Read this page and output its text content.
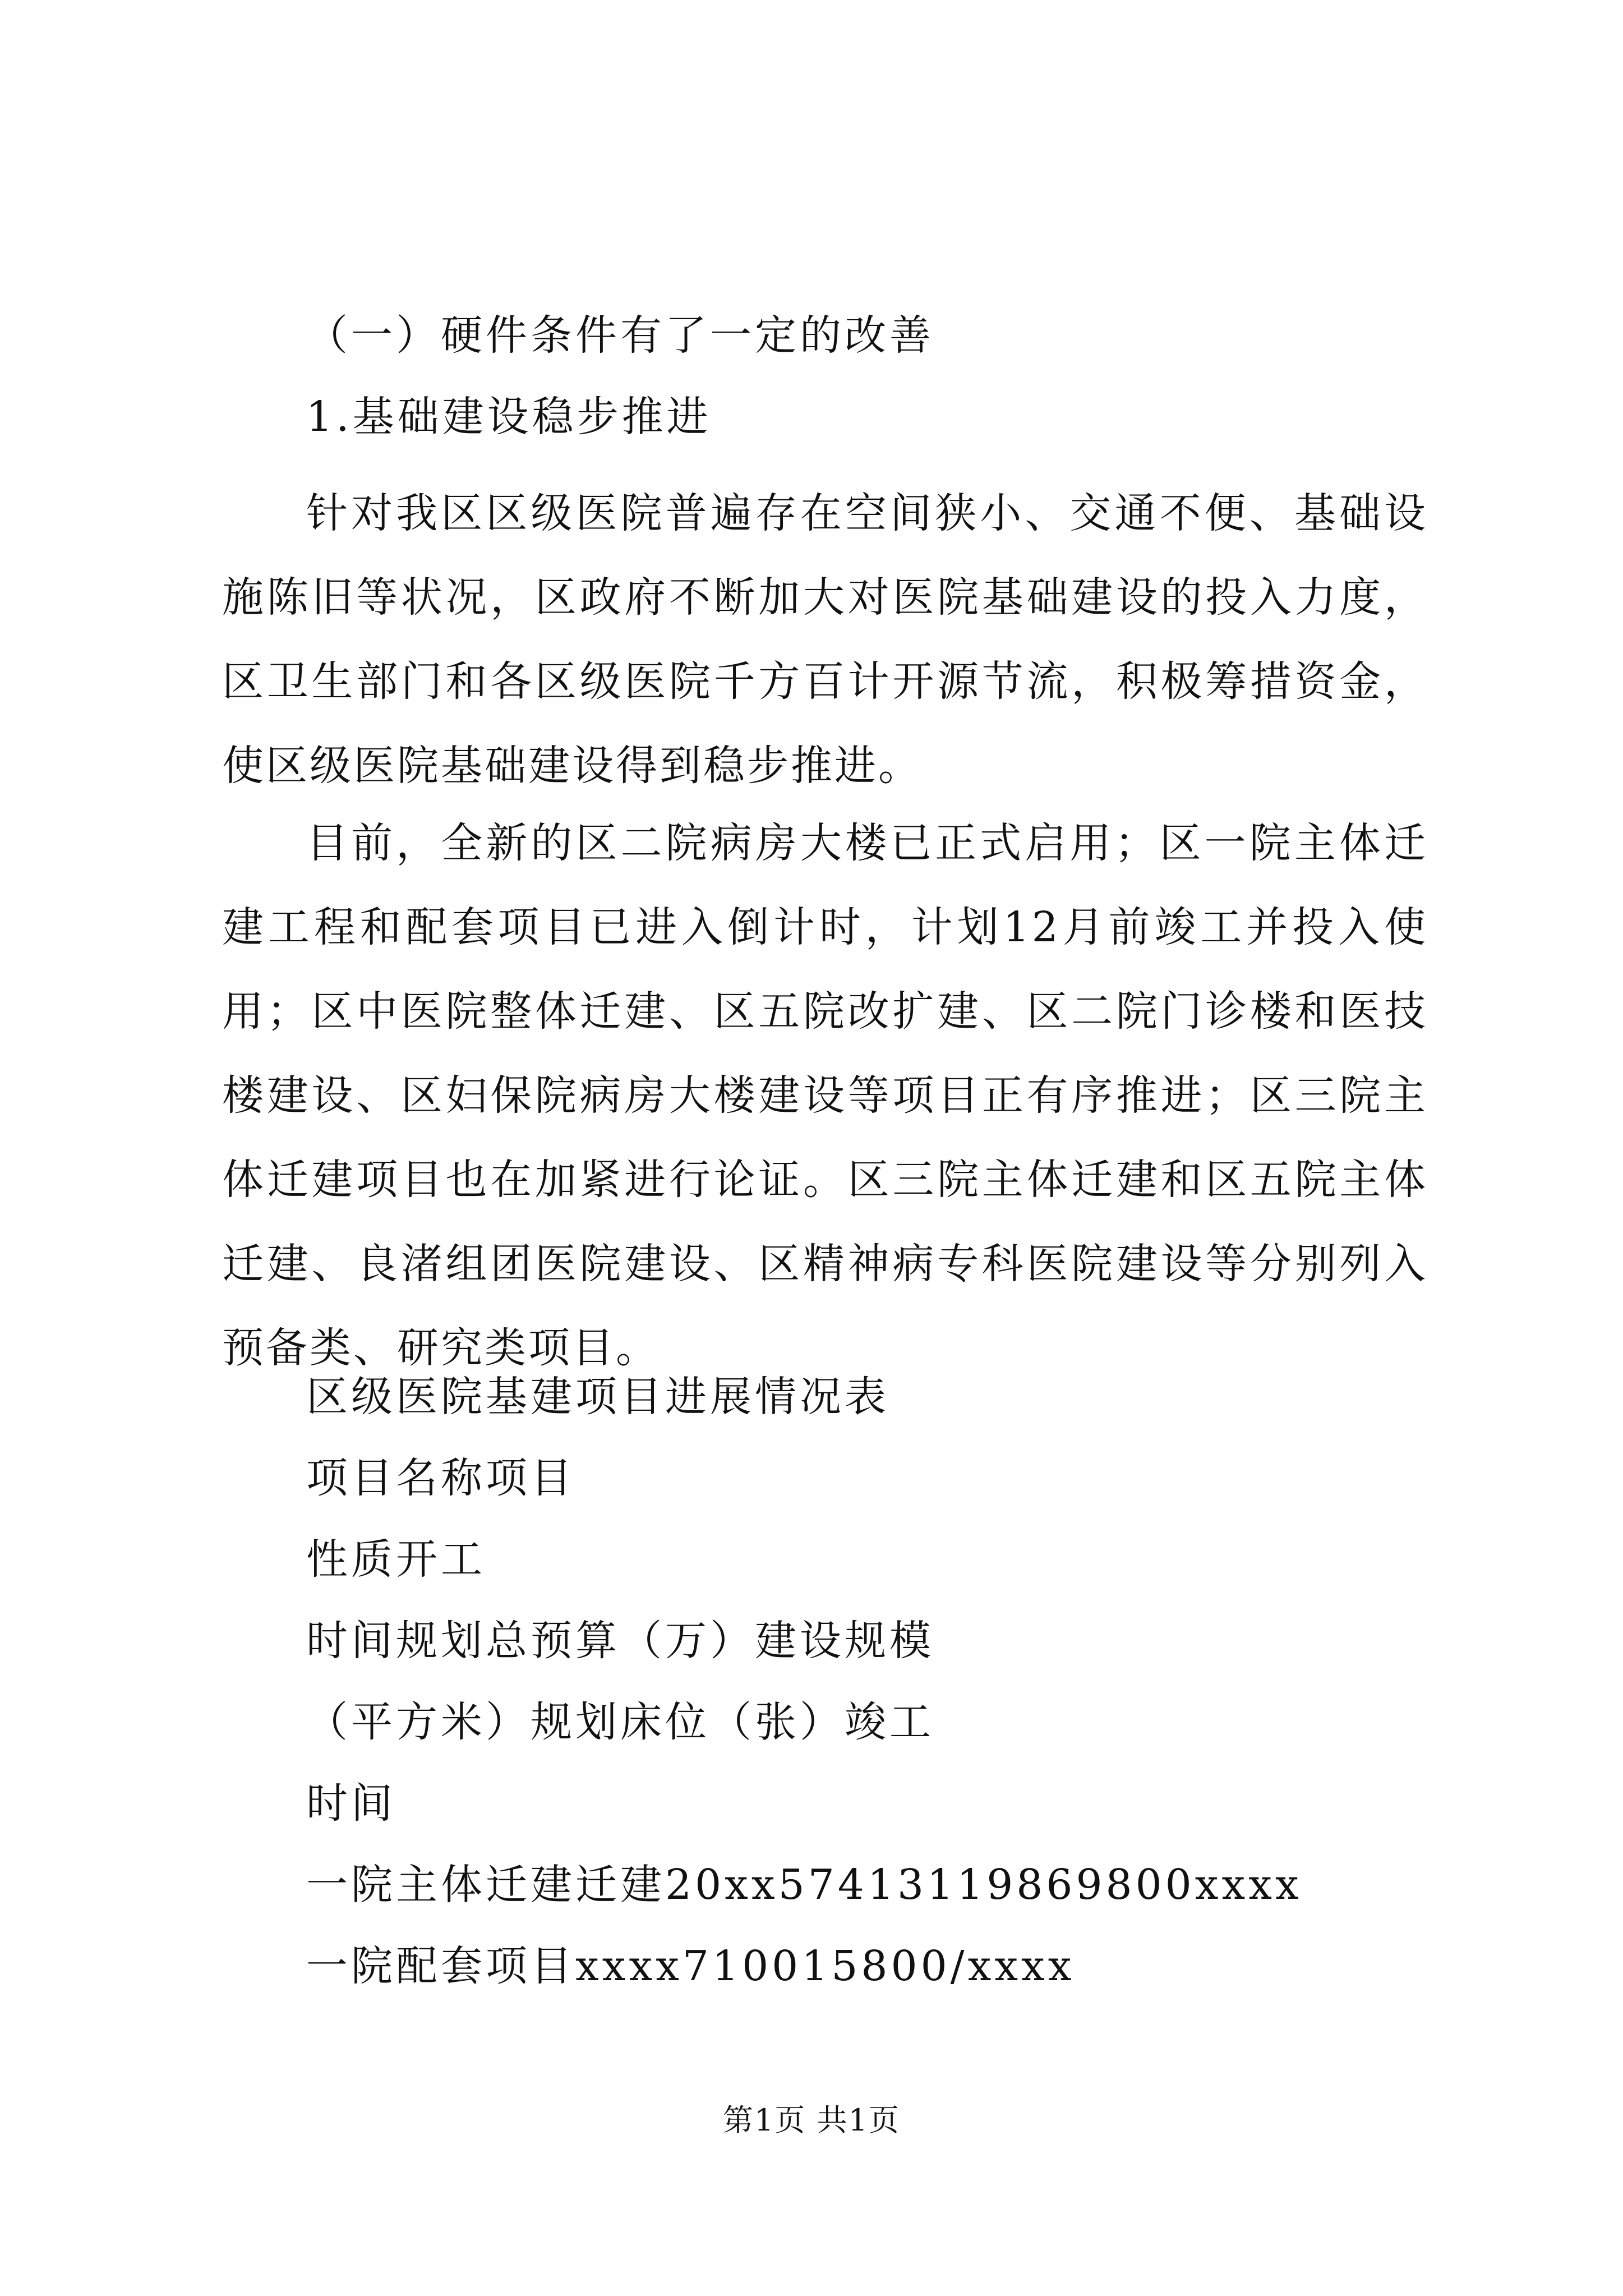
（一）硬件条件有了一定的改善
1.基础建设稳步推进

针对我区区级医院普遍存在空间狭小、交通不便、基础设施陈旧等状况，区政府不断加大对医院基础建设的投入力度，区卫生部门和各区级医院千方百计开源节流，积极筹措资金，使区级医院基础建设得到稳步推进。

目前，全新的区二院病房大楼已正式启用；区一院主体迁建工程和配套项目已进入倒计时，计划12月前竣工并投入使用；区中医院整体迁建、区五院改扩建、区二院门诊楼和医技楼建设、区妇保院病房大楼建设等项目正有序推进；区三院主体迁建项目也在加紧进行论证。区三院主体迁建和区五院主体迁建、良渚组团医院建设、区精神病专科医院建设等分别列入预备类、研究类项目。

区级医院基建项目进展情况表
项目名称项目
性质开工
时间规划总预算（万）建设规模
（平方米）规划床位（张）竣工
时间
一院主体迁建迁建20xx57413119869800xxxx
一院配套项目xxxx710015800/xxxx
第1页 共1页
